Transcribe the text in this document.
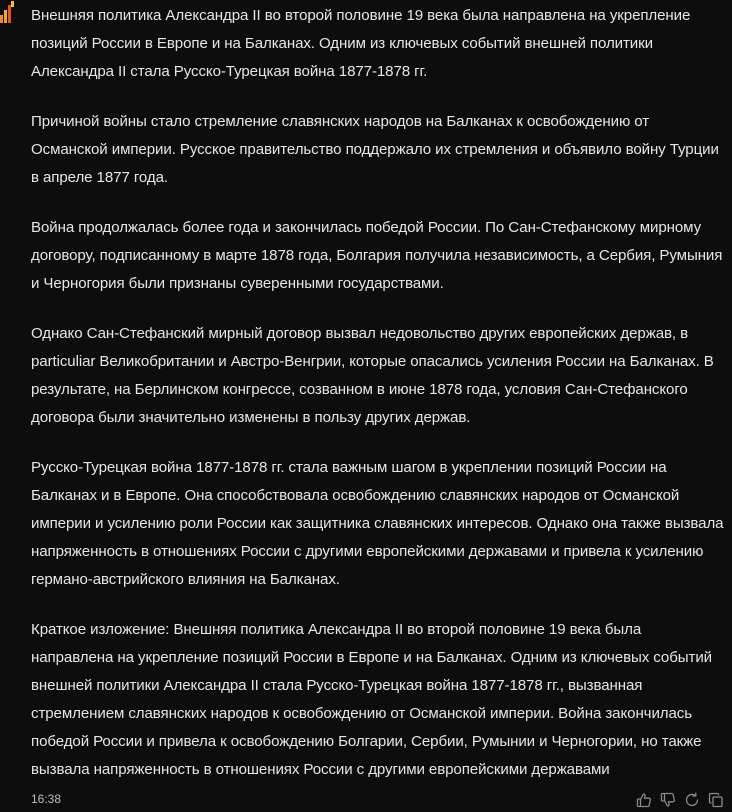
Внешняя политика Александра II во второй половине 19 века была направлена на укрепление позиций России в Европе и на Балканах. Одним из ключевых событий внешней политики Александра II стала Русско-Турецкая война 1877-1878 гг.

Причиной войны стало стремление славянских народов на Балканах к освобождению от Османской империи. Русское правительство поддержало их стремления и объявило войну Турции в апреле 1877 года.

Война продолжалась более года и закончилась победой России. По Сан-Стефанскому мирному договору, подписанному в марте 1878 года, Болгария получила независимость, а Сербия, Румыния и Черногория были признаны суверенными государствами.

Однако Сан-Стефанский мирный договор вызвал недовольство других европейских держав, в particuliar Великобритании и Австро-Венгрии, которые опасались усиления России на Балканах. В результате, на Берлинском конгрессе, созванном в июне 1878 года, условия Сан-Стефанского договора были значительно изменены в пользу других держав.

Русско-Турецкая война 1877-1878 гг. стала важным шагом в укреплении позиций России на Балканах и в Европе. Она способствовала освобождению славянских народов от Османской империи и усилению роли России как защитника славянских интересов. Однако она также вызвала напряженность в отношениях России с другими европейскими державами и привела к усилению германо-австрийского влияния на Балканах.

Краткое изложение: Внешняя политика Александра II во второй половине 19 века была направлена на укрепление позиций России в Европе и на Балканах. Одним из ключевых событий внешней политики Александра II стала Русско-Турецкая война 1877-1878 гг., вызванная стремлением славянских народов к освобождению от Османской империи. Война закончилась победой России и привела к освобождению Болгарии, Сербии, Румынии и Черногории, но также вызвала напряженность в отношениях России с другими европейскими державами

16:38
